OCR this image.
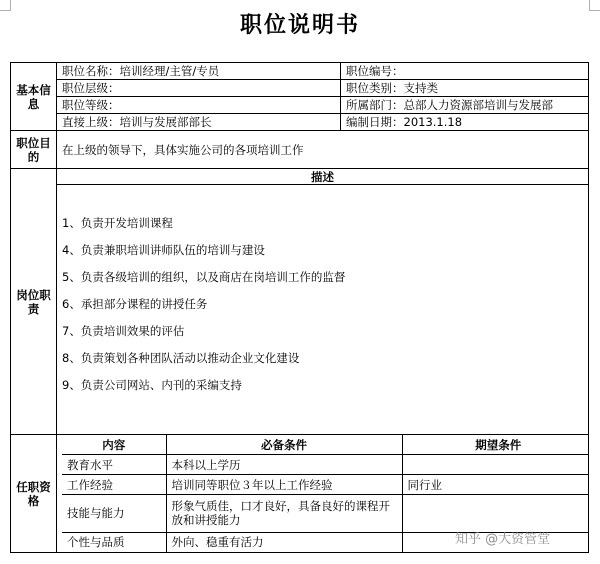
职位说明书
基本信息	职位名称：培训经理/主管/专员	职位编号：
职位层级：	职位类别：支持类
职位等级：	所属部门：总部人力资源部培训与发展部
直接上级：培训与发展部部长	编制日期：2013.1.18
职位目的	在上级的领导下，具体实施公司的各项培训工作
岗位职责	描述

1、负责开发培训课程
4、负责兼职培训讲师队伍的培训与建设
5、负责各级培训的组织，以及商店在岗培训工作的监督
6、承担部分课程的讲授任务
7、负责培训效果的评估
8、负责策划各种团队活动以推动企业文化建设
9、负责公司网站、内刊的采编支持

任职资格	
内容	必备条件	期望条件
教育水平	本科以上学历	
工作经验	培训同等职位３年以上工作经验	同行业
技能与能力	形象气质佳，口才良好，具备良好的课程开放和讲授能力	
个性与品质	外向、稳重有活力		知乎 @大资管堂
